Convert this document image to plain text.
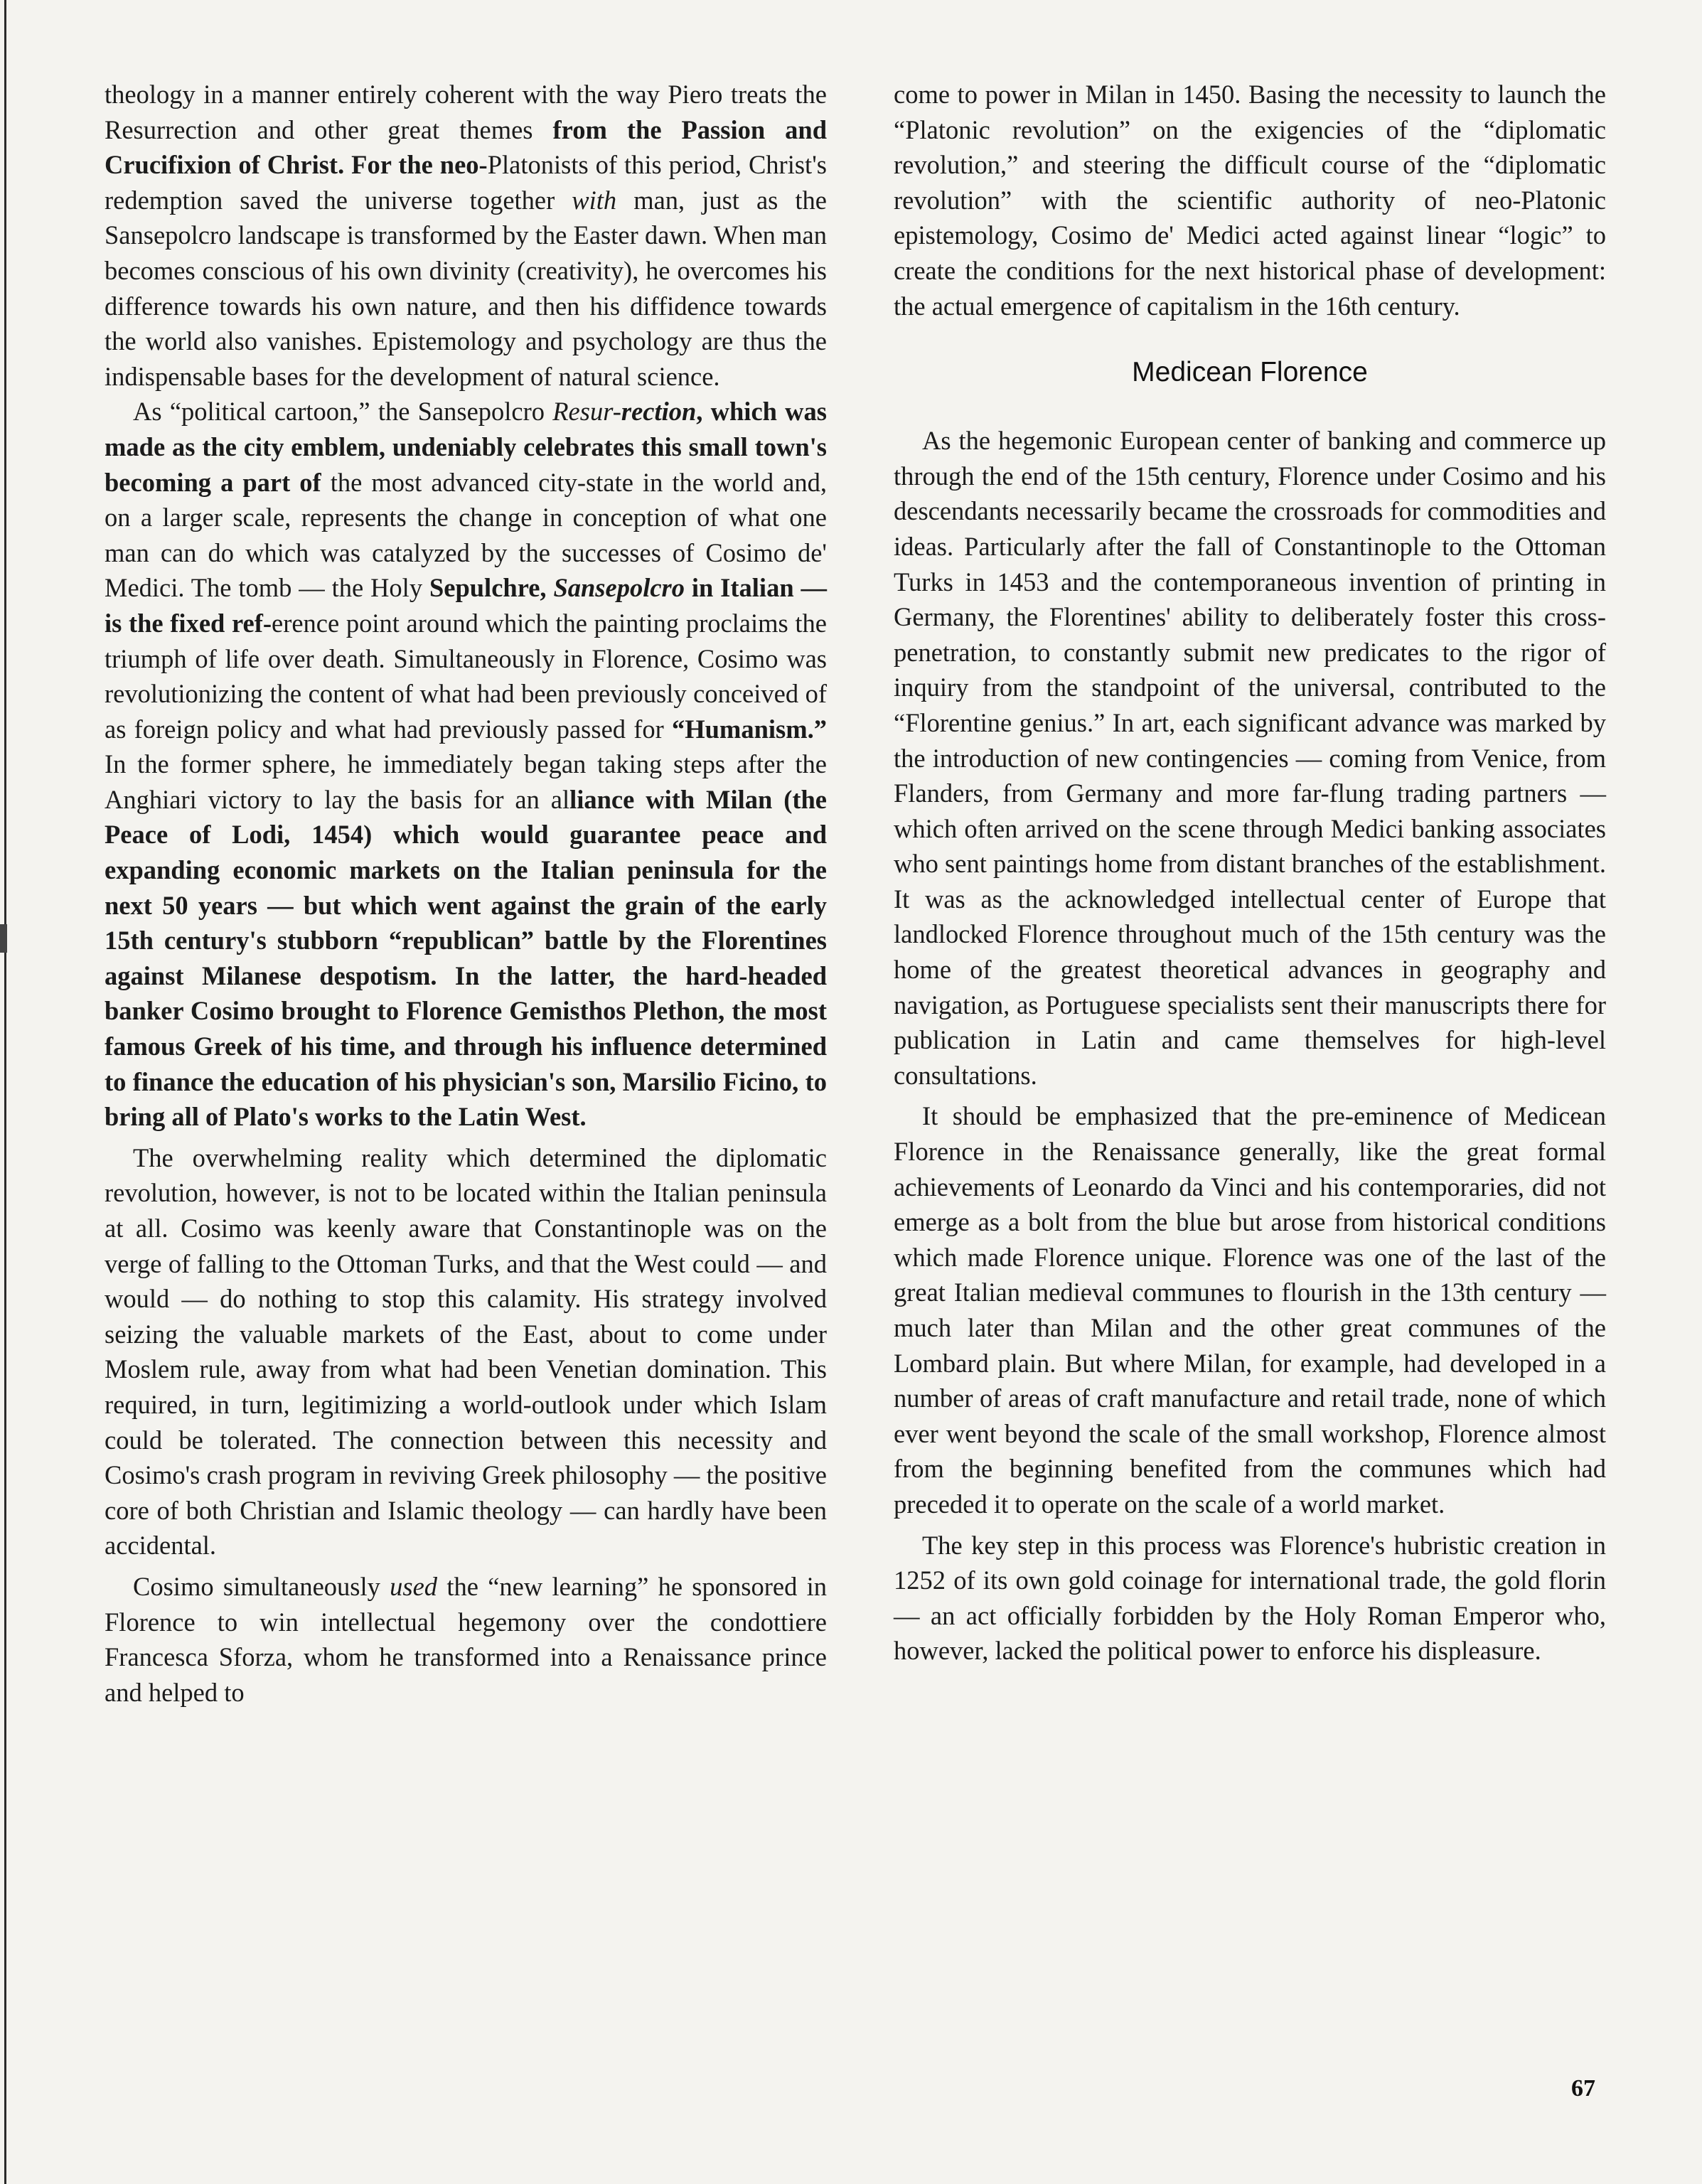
theology in a manner entirely coherent with the way Piero treats the Resurrection and other great themes from the Passion and Crucifixion of Christ. For the neo-Platonists of this period, Christ's redemption saved the universe together with man, just as the Sansepolcro landscape is transformed by the Easter dawn. When man becomes conscious of his own divinity (creativity), he overcomes his difference towards his own nature, and then his diffidence towards the world also vanishes. Epistemology and psychology are thus the indispensable bases for the development of natural science.

As “political cartoon,” the Sansepolcro Resur-rection, which was made as the city emblem, undeniably celebrates this small town's becoming a part of the most advanced city-state in the world and, on a larger scale, represents the change in conception of what one man can do which was catalyzed by the successes of Cosimo de' Medici. The tomb — the Holy Sepulchre, Sansepolcro in Italian — is the fixed ref-erence point around which the painting proclaims the triumph of life over death. Simultaneously in Florence, Cosimo was revolutionizing the content of what had been previously conceived of as foreign policy and what had previously passed for “Humanism.” In the former sphere, he immediately began taking steps after the Anghiari victory to lay the basis for an alliance with Milan (the Peace of Lodi, 1454) which would guarantee peace and expanding economic markets on the Italian peninsula for the next 50 years — but which went against the grain of the early 15th century's stubborn “republican” battle by the Florentines against Milanese despotism. In the latter, the hard-headed banker Cosimo brought to Florence Gemisthos Plethon, the most famous Greek of his time, and through his influence determined to finance the education of his physician's son, Marsilio Ficino, to bring all of Plato's works to the Latin West.

The overwhelming reality which determined the diplomatic revolution, however, is not to be located within the Italian peninsula at all. Cosimo was keenly aware that Constantinople was on the verge of falling to the Ottoman Turks, and that the West could — and would — do nothing to stop this calamity. His strategy involved seizing the valuable markets of the East, about to come under Moslem rule, away from what had been Venetian domination. This required, in turn, legitimizing a world-outlook under which Islam could be tolerated. The connection between this necessity and Cosimo's crash program in reviving Greek philosophy — the positive core of both Christian and Islamic theology — can hardly have been accidental.

Cosimo simultaneously used the “new learning” he sponsored in Florence to win intellectual hegemony over the condottiere Francesca Sforza, whom he transformed into a Renaissance prince and helped to

come to power in Milan in 1450. Basing the necessity to launch the “Platonic revolution” on the exigencies of the “diplomatic revolution,” and steering the difficult course of the “diplomatic revolution” with the scientific authority of neo-Platonic epistemology, Cosimo de' Medici acted against linear “logic” to create the conditions for the next historical phase of development: the actual emergence of capitalism in the 16th century.

Medicean Florence

As the hegemonic European center of banking and commerce up through the end of the 15th century, Florence under Cosimo and his descendants necessarily became the crossroads for commodities and ideas. Particularly after the fall of Constantinople to the Ottoman Turks in 1453 and the contemporaneous invention of printing in Germany, the Florentines' ability to deliberately foster this cross-penetration, to constantly submit new predicates to the rigor of inquiry from the standpoint of the universal, contributed to the “Florentine genius.” In art, each significant advance was marked by the introduction of new contingencies — coming from Venice, from Flanders, from Germany and more far-flung trading partners — which often arrived on the scene through Medici banking associates who sent paintings home from distant branches of the establishment. It was as the acknowledged intellectual center of Europe that landlocked Florence throughout much of the 15th century was the home of the greatest theoretical advances in geography and navigation, as Portuguese specialists sent their manuscripts there for publication in Latin and came themselves for high-level consultations.

It should be emphasized that the pre-eminence of Medicean Florence in the Renaissance generally, like the great formal achievements of Leonardo da Vinci and his contemporaries, did not emerge as a bolt from the blue but arose from historical conditions which made Florence unique. Florence was one of the last of the great Italian medieval communes to flourish in the 13th century — much later than Milan and the other great communes of the Lombard plain. But where Milan, for example, had developed in a number of areas of craft manufacture and retail trade, none of which ever went beyond the scale of the small workshop, Florence almost from the beginning benefited from the communes which had preceded it to operate on the scale of a world market.

The key step in this process was Florence's hubristic creation in 1252 of its own gold coinage for international trade, the gold florin — an act officially forbidden by the Holy Roman Emperor who, however, lacked the political power to enforce his displeasure.

67
